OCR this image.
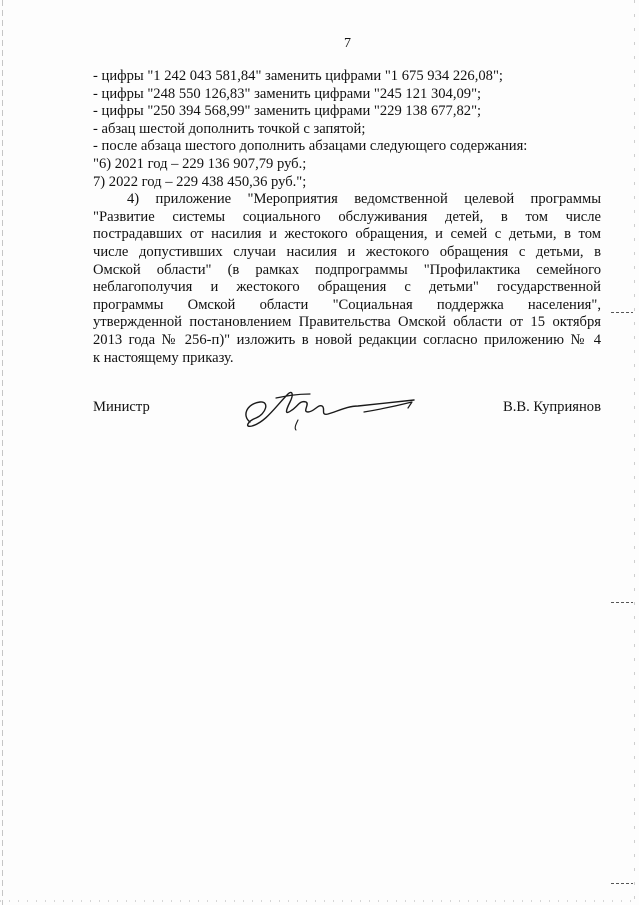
7

- цифры "1 242 043 581,84" заменить цифрами "1 675 934 226,08";

- цифры "248 550 126,83" заменить цифрами "245 121 304,09";

- цифры "250 394 568,99" заменить цифрами "229 138 677,82";

- абзац шестой дополнить точкой с запятой;

- после абзаца шестого дополнить абзацами следующего содержания:

"6) 2021 год – 229 136 907,79 руб.;

7) 2022 год – 229 438 450,36 руб.";

4) приложение "Мероприятия ведомственной целевой программы
"Развитие системы социального обслуживания детей, в том числе
пострадавших от насилия и жестокого обращения, и семей с детьми, в том
числе допустивших случаи насилия и жестокого обращения с детьми, в
Омской области" (в рамках подпрограммы "Профилактика семейного
неблагополучия и жестокого обращения с детьми" государственной
программы Омской области "Социальная поддержка населения",
утвержденной постановлением Правительства Омской области от 15 октября
2013 года № 256-п)" изложить в новой редакции согласно приложению № 4
к настоящему приказу.
Министр	В.В. Куприянов
